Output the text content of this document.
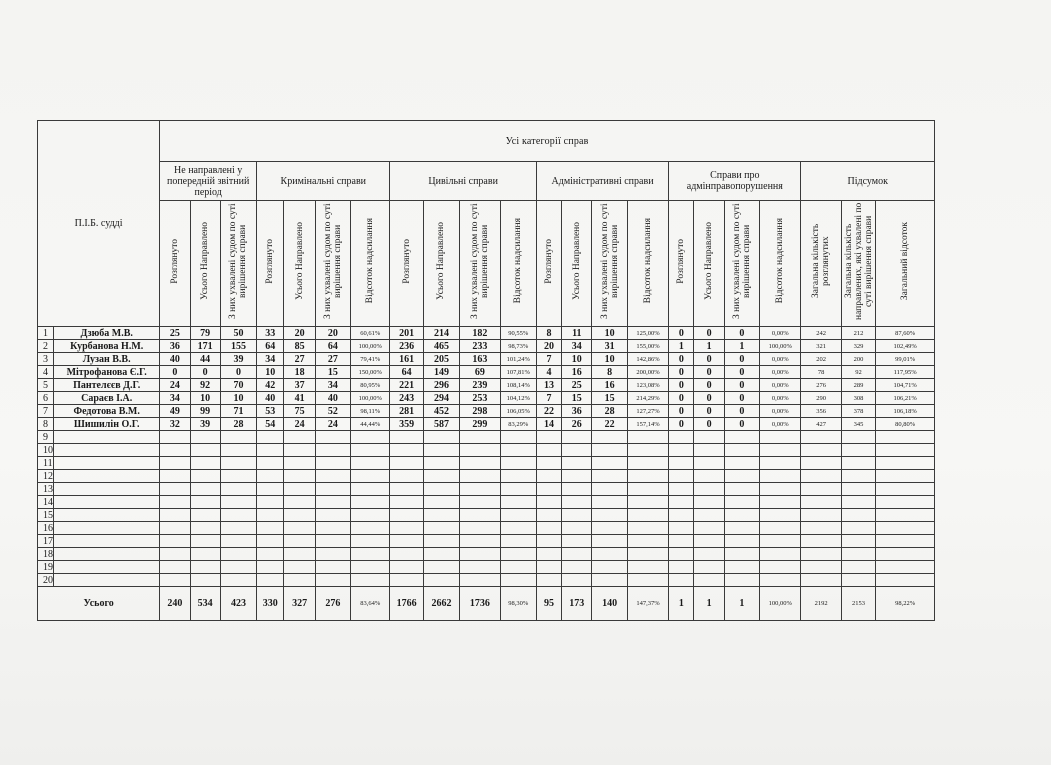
П.І.Б. судді		Усі категорії справ																					
		Не направлені у попередній звітний період			Кримінальні справи				Цивільні справи				Адміністративні справи				Справи про адмінправопорушення				Підсумок		
		Розглянуто	Усього Направлено	З них ухвалені судом по суті вирішення справи	Розглянуто	Усього Направлено	З них ухвалені судом по суті вирішення справи	Відсоток надсилання	Розглянуто	Усього Направлено	З них ухвалені судом по суті вирішення справи	Відсоток надсилання	Розглянуто	Усього Направлено	З них ухвалені судом по суті вирішення справи	Відсоток надсилання	Розглянуто	Усього Направлено	З них ухвалені судом по суті вирішення справи	Відсоток надсилання	Загальна кількість розглянутих	Загальна кількість направлених, які ухвалені по суті вирішення справи	Загальний відсоток
1	Дзюба М.В.	25	79	50	33	20	20	60,61%	201	214	182	90,55%	8	11	10	125,00%	0	0	0	0,00%	242	212	87,60%
2	Курбанова Н.М.	36	171	155	64	85	64	100,00%	236	465	233	98,73%	20	34	31	155,00%	1	1	1	100,00%	321	329	102,49%
3	Лузан В.В.	40	44	39	34	27	27	79,41%	161	205	163	101,24%	7	10	10	142,86%	0	0	0	0,00%	202	200	99,01%
4	Мітрофанова Є.Г.	0	0	0	10	18	15	150,00%	64	149	69	107,81%	4	16	8	200,00%	0	0	0	0,00%	78	92	117,95%
5	Пантелєєв Д.Г.	24	92	70	42	37	34	80,95%	221	296	239	108,14%	13	25	16	123,08%	0	0	0	0,00%	276	289	104,71%
6	Сараєв І.А.	34	10	10	40	41	40	100,00%	243	294	253	104,12%	7	15	15	214,29%	0	0	0	0,00%	290	308	106,21%
7	Федотова В.М.	49	99	71	53	75	52	98,11%	281	452	298	106,05%	22	36	28	127,27%	0	0	0	0,00%	356	378	106,18%
8	Шишилін О.Г.	32	39	28	54	24	24	44,44%	359	587	299	83,29%	14	26	22	157,14%	0	0	0	0,00%	427	345	80,80%
9																							
10																							
11																							
12																							
13																							
14																							
15																							
16																							
17																							
18																							
19																							
20																							
Усього		240	534	423	330	327	276	83,64%	1766	2662	1736	98,30%	95	173	140	147,37%	1	1	1	100,00%	2192	2153	98,22%
